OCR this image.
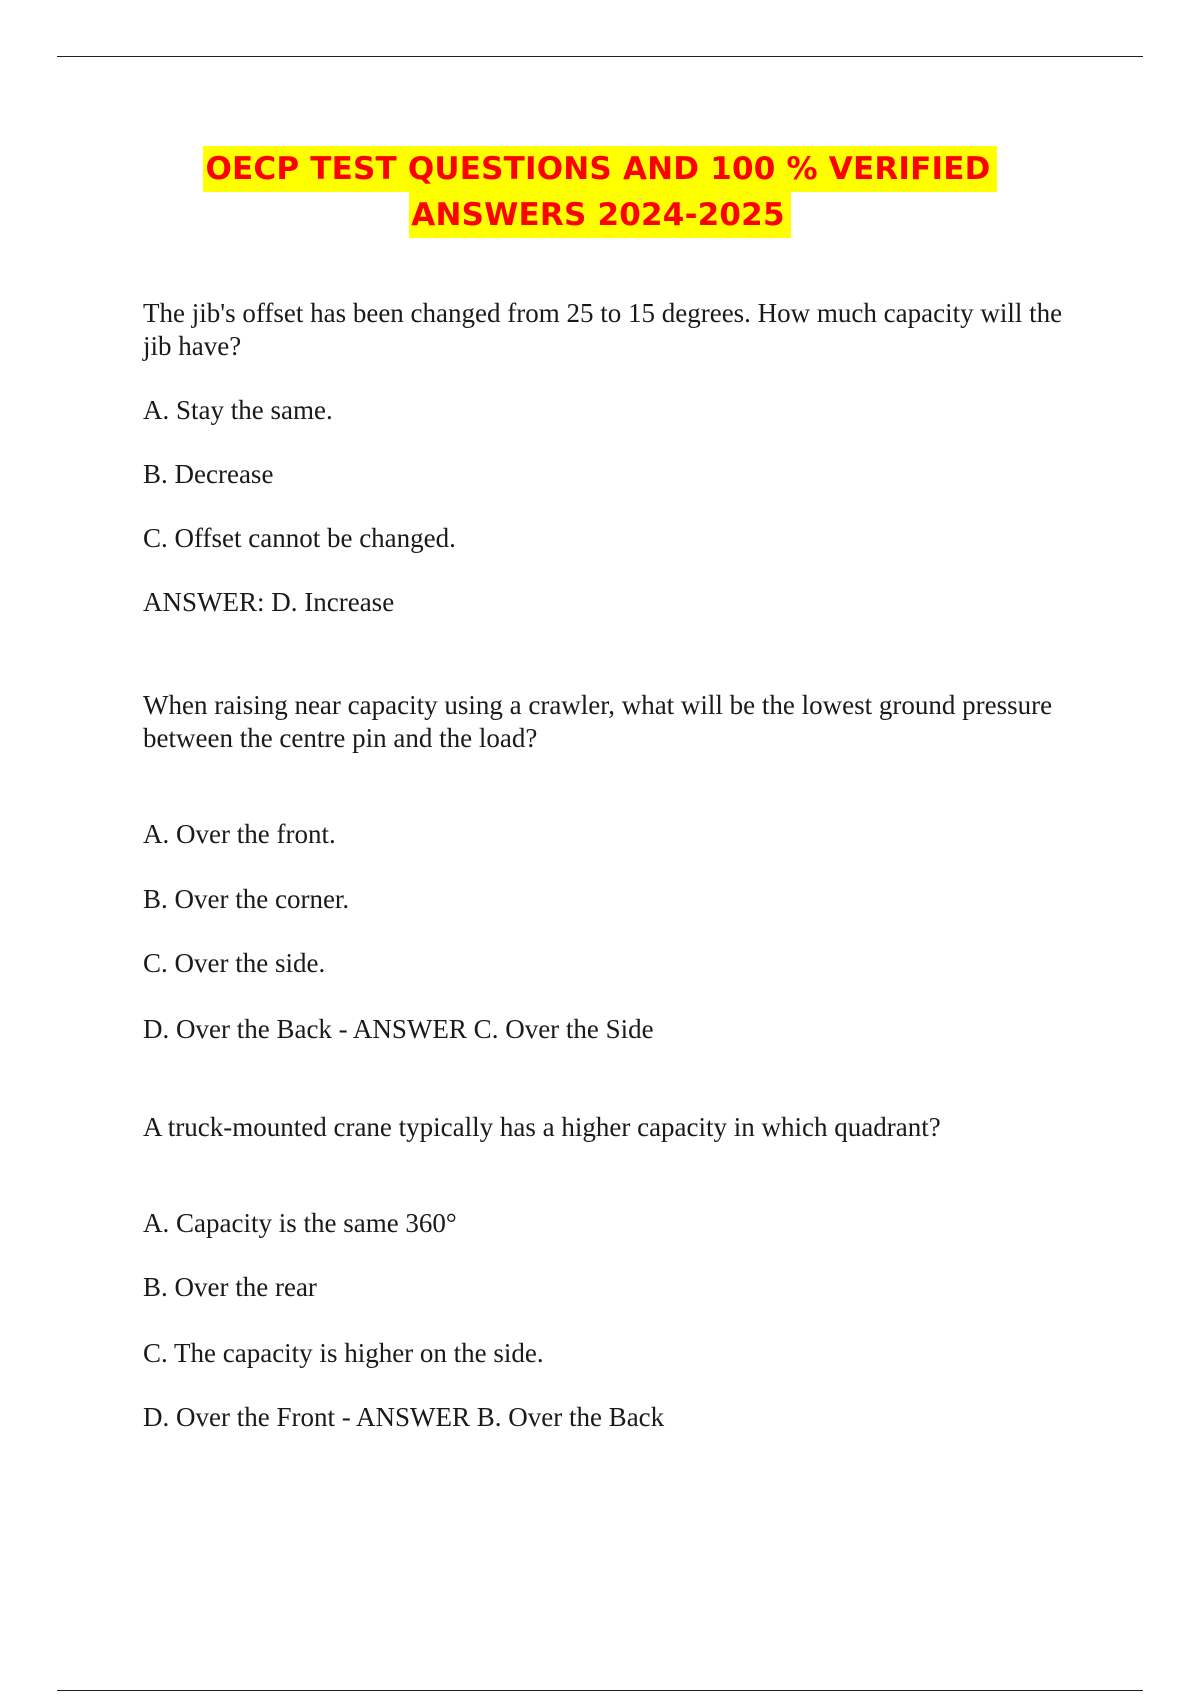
OECP TEST QUESTIONS AND 100 % VERIFIED
ANSWERS 2024-2025

The jib's offset has been changed from 25 to 15 degrees. How much capacity will the jib have?

A. Stay the same.

B. Decrease

C. Offset cannot be changed.

ANSWER: D. Increase

When raising near capacity using a crawler, what will be the lowest ground pressure between the centre pin and the load?

A. Over the front.

B. Over the corner.

C. Over the side.

D. Over the Back - ANSWER C. Over the Side

A truck-mounted crane typically has a higher capacity in which quadrant?

A. Capacity is the same 360°

B. Over the rear

C. The capacity is higher on the side.

D. Over the Front - ANSWER B. Over the Back
